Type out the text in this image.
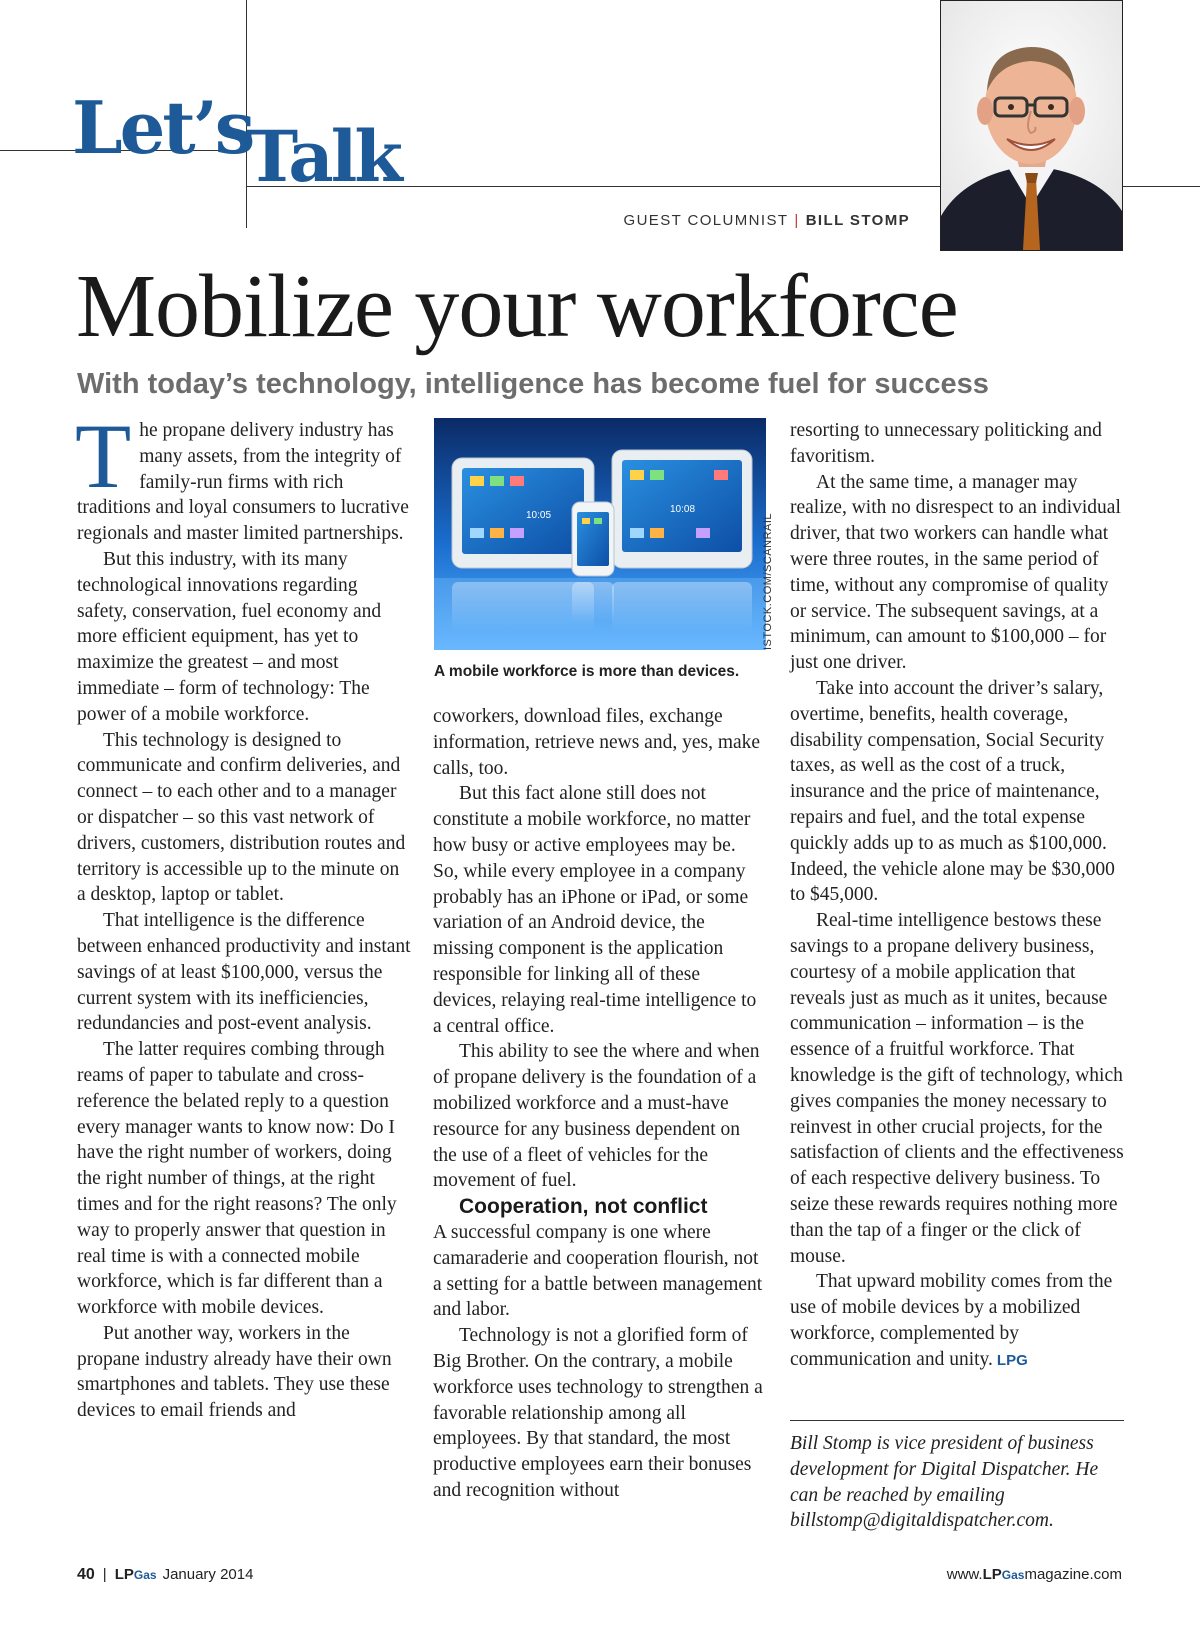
Let’s
Talk
GUEST COLUMNIST | BILL STOMP
Mobilize your workforce
With today’s technology, intelligence has become fuel for success

The propane delivery industry has many assets, from the integrity of family-run firms with rich traditions and loyal consumers to lucrative regionals and master limited partnerships.

But this industry, with its many technological innovations regarding safety, conservation, fuel economy and more efficient equipment, has yet to maximize the greatest – and most immediate – form of technology: The power of a mobile workforce.

This technology is designed to communicate and confirm deliveries, and connect – to each other and to a manager or dispatcher – so this vast network of drivers, customers, distribution routes and territory is accessible up to the minute on a desktop, laptop or tablet.

That intelligence is the difference between enhanced productivity and instant savings of at least $100,000, versus the current system with its inefficiencies, redundancies and post-event analysis.

The latter requires combing through reams of paper to tabulate and cross-reference the belated reply to a question every manager wants to know now: Do I have the right number of workers, doing the right number of things, at the right times and for the right reasons? The only way to properly answer that question in real time is with a connected mobile workforce, which is far different than a workforce with mobile devices.

Put another way, workers in the propane industry already have their own smartphones and tablets. They use these devices to email friends and

10:05
10:08
ISTOCK.COM/SCANRAIL
A mobile workforce is more than devices.

coworkers, download files, exchange information, retrieve news and, yes, make calls, too.

But this fact alone still does not constitute a mobile workforce, no matter how busy or active employees may be. So, while every employee in a company probably has an iPhone or iPad, or some variation of an Android device, the missing component is the application responsible for linking all of these devices, relaying real-time intelligence to a central office.

This ability to see the where and when of propane delivery is the foundation of a mobilized workforce and a must-have resource for any business dependent on the use of a fleet of vehicles for the movement of fuel.

Cooperation, not conflict

A successful company is one where camaraderie and cooperation flourish, not a setting for a battle between management and labor.

Technology is not a glorified form of Big Brother. On the contrary, a mobile workforce uses technology to strengthen a favorable relationship among all employees. By that standard, the most productive employees earn their bonuses and recognition without

resorting to unnecessary politicking and favoritism.

At the same time, a manager may realize, with no disrespect to an individual driver, that two workers can handle what were three routes, in the same period of time, without any compromise of quality or service. The subsequent savings, at a minimum, can amount to $100,000 – for just one driver.

Take into account the driver’s salary, overtime, benefits, health coverage, disability compensation, Social Security taxes, as well as the cost of a truck, insurance and the price of maintenance, repairs and fuel, and the total expense quickly adds up to as much as $100,000. Indeed, the vehicle alone may be $30,000 to $45,000.

Real-time intelligence bestows these savings to a propane delivery business, courtesy of a mobile application that reveals just as much as it unites, because communication – information – is the essence of a fruitful workforce. That knowledge is the gift of technology, which gives companies the money necessary to reinvest in other crucial projects, for the satisfaction of clients and the effectiveness of each respective delivery business. To seize these rewards requires nothing more than the tap of a finger or the click of mouse.

That upward mobility comes from the use of mobile devices by a mobilized workforce, complemented by communication and unity. LPG

Bill Stomp is vice president of business development for Digital Dispatcher. He can be reached by emailing billstomp@digitaldispatcher.com.
40 | LPGas January 2014	www.LPGasmagazine.com
